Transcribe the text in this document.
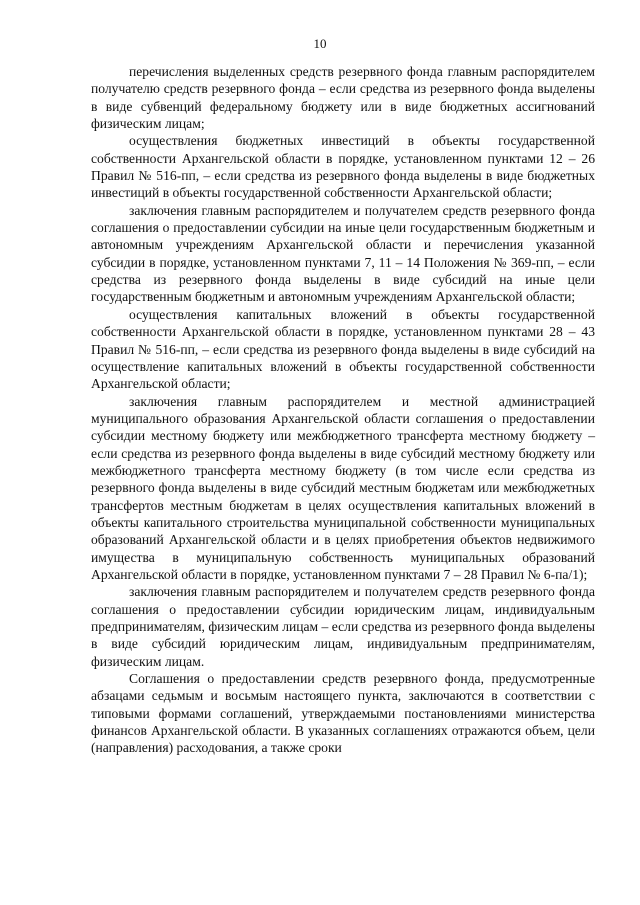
10

перечисления выделенных средств резервного фонда главным распорядителем получателю средств резервного фонда – если средства из резервного фонда выделены в виде субвенций федеральному бюджету или в виде бюджетных ассигнований физическим лицам;

осуществления бюджетных инвестиций в объекты государственной собственности Архангельской области в порядке, установленном пунктами 12 – 26 Правил № 516-пп, – если средства из резервного фонда выделены в виде бюджетных инвестиций в объекты государственной собственности Архангельской области;

заключения главным распорядителем и получателем средств резервного фонда соглашения о предоставлении субсидии на иные цели государственным бюджетным и автономным учреждениям Архангельской области и перечисления указанной субсидии в порядке, установленном пунктами 7, 11 – 14 Положения № 369-пп, – если средства из резервного фонда выделены в виде субсидий на иные цели государственным бюджетным и автономным учреждениям Архангельской области;

осуществления капитальных вложений в объекты государственной собственности Архангельской области в порядке, установленном пунктами 28 – 43 Правил № 516-пп, – если средства из резервного фонда выделены в виде субсидий на осуществление капитальных вложений в объекты государственной собственности Архангельской области;

заключения главным распорядителем и местной администрацией муниципального образования Архангельской области соглашения о предоставлении субсидии местному бюджету или межбюджетного трансферта местному бюджету – если средства из резервного фонда выделены в виде субсидий местному бюджету или межбюджетного трансферта местному бюджету (в том числе если средства из резервного фонда выделены в виде субсидий местным бюджетам или межбюджетных трансфертов местным бюджетам в целях осуществления капитальных вложений в объекты капитального строительства муниципальной собственности муниципальных образований Архангельской области и в целях приобретения объектов недвижимого имущества в муниципальную собственность муниципальных образований Архангельской области в порядке, установленном пунктами 7 – 28 Правил № 6-па/1);

заключения главным распорядителем и получателем средств резервного фонда соглашения о предоставлении субсидии юридическим лицам, индивидуальным предпринимателям, физическим лицам – если средства из резервного фонда выделены в виде субсидий юридическим лицам, индивидуальным предпринимателям, физическим лицам.

Соглашения о предоставлении средств резервного фонда, предусмотренные абзацами седьмым и восьмым настоящего пункта, заключаются в соответствии с типовыми формами соглашений, утверждаемыми постановлениями министерства финансов Архангельской области. В указанных соглашениях отражаются объем, цели (направления) расходования, а также сроки
